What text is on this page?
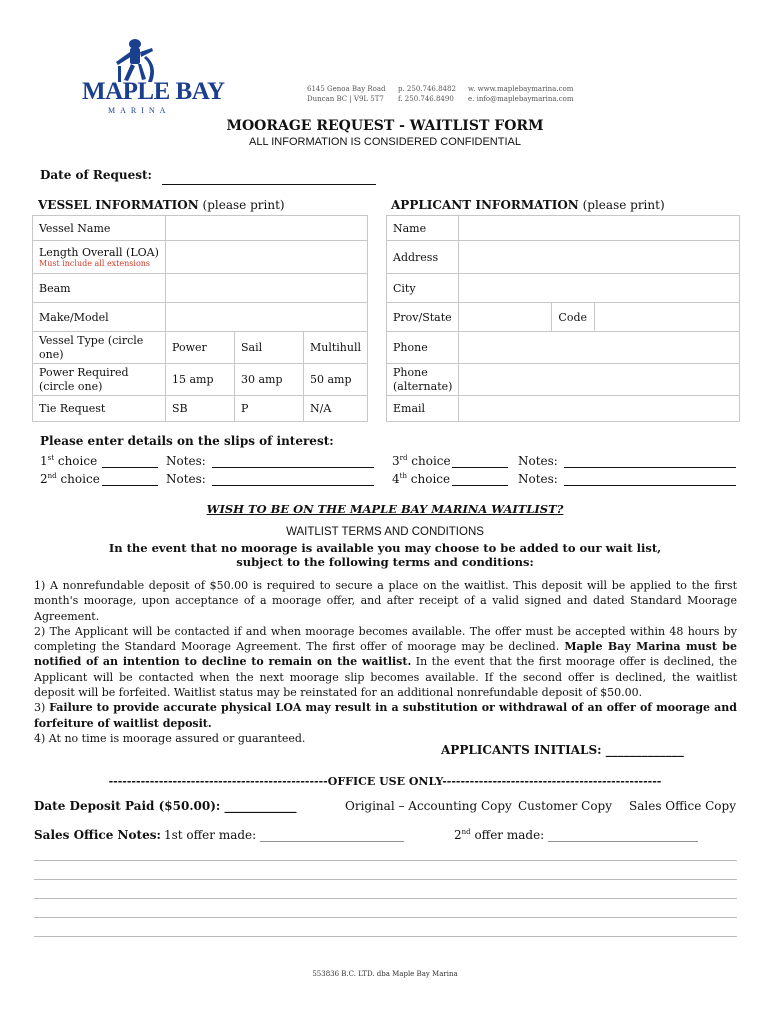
MAPLE BAY
MARINA
6145 Genoa Bay Road
Duncan BC | V9L 5T7
p. 250.746.8482
f. 250.746.8490
w. www.maplebaymarina.com
e. info@maplebaymarina.com
MOORAGE REQUEST - WAITLIST FORM
ALL INFORMATION IS CONSIDERED CONFIDENTIAL
Date of Request:
VESSEL INFORMATION (please print)	APPLICANT INFORMATION (please print)
Vessel Name			

Length Overall (LOA)
Must include all extensions			

Beam			
Make/Model			
Vessel Type (circle one)	Power	Sail	Multihull
Power Required (circle one)	15 amp	30 amp	50 amp
Tie Request	SB	P	N/A
Name			
Address			
City			
Prov/State		Code	
Phone			
Phone (alternate)			
Email			
Please enter details on the slips of interest:
1st choice	Notes:
2nd choice	Notes:
3rd choice	Notes:
4th choice	Notes:
WISH TO BE ON THE MAPLE BAY MARINA WAITLIST?
WAITLIST TERMS AND CONDITIONS
In the event that no moorage is available you may choose to be added to our wait list,
subject to the following terms and conditions:
1) A nonrefundable deposit of $50.00 is required to secure a place on the waitlist. This deposit will be applied to the first month's moorage, upon acceptance of a moorage offer, and after receipt of a valid signed and dated Standard Moorage Agreement.
2) The Applicant will be contacted if and when moorage becomes available. The offer must be accepted within 48 hours by completing the Standard Moorage Agreement. The first offer of moorage may be declined. Maple Bay Marina must be notified of an intention to decline to remain on the waitlist. In the event that the first moorage offer is declined, the Applicant will be contacted when the next moorage slip becomes available. If the second offer is declined, the waitlist deposit will be forfeited. Waitlist status may be reinstated for an additional nonrefundable deposit of $50.00.
3) Failure to provide accurate physical LOA may result in a substitution or withdrawal of an offer of moorage and forfeiture of waitlist deposit.
4) At no time is moorage assured or guaranteed.
APPLICANTS INITIALS: _____________
------------------------------------------------OFFICE USE ONLY------------------------------------------------
Date Deposit Paid ($50.00): ____________	Original – Accounting Copy Customer Copy Sales Office Copy
Sales Office Notes: 1st offer made: ________________________	2nd offer made: _________________________
553836 B.C. LTD. dba Maple Bay Marina
